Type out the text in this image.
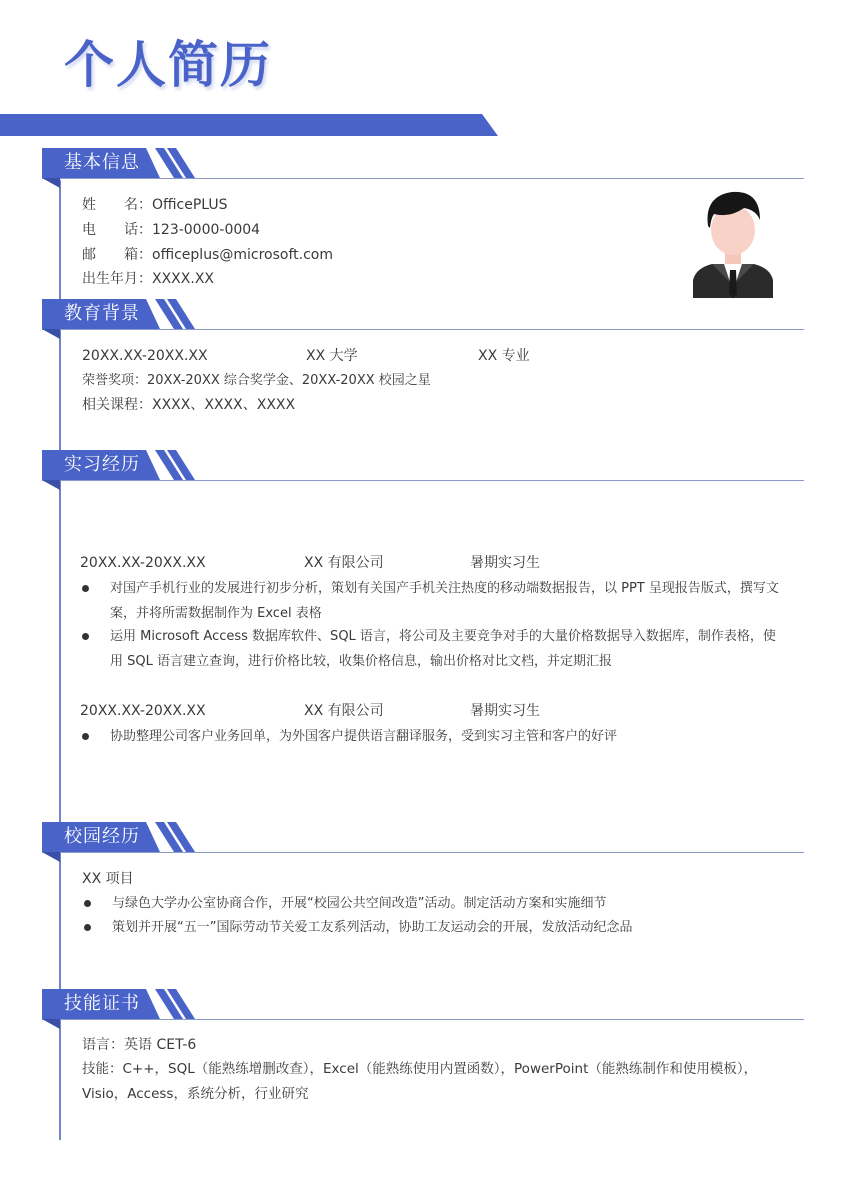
个人简历
基本信息
姓　　名：OfficePLUS
电　　话：123-0000-0004
邮　　箱：officeplus@microsoft.com
出生年月：XXXX.XX
教育背景
20XX.XX-20XX.XX	XX 大学	XX 专业
荣誉奖项：20XX-20XX 综合奖学金、20XX-20XX 校园之星
相关课程：XXXX、XXXX、XXXX
实习经历
20XX.XX-20XX.XX	XX 有限公司	暑期实习生
对国产手机行业的发展进行初步分析，策划有关国产手机关注热度的移动端数据报告，以 PPT 呈现报告版式，撰写文案，并将所需数据制作为 Excel 表格
运用 Microsoft Access 数据库软件、SQL 语言，将公司及主要竞争对手的大量价格数据导入数据库，制作表格，使用 SQL 语言建立查询，进行价格比较，收集价格信息，输出价格对比文档，并定期汇报
20XX.XX-20XX.XX	XX 有限公司	暑期实习生
协助整理公司客户业务回单，为外国客户提供语言翻译服务，受到实习主管和客户的好评
校园经历
XX 项目
与绿色大学办公室协商合作，开展“校园公共空间改造”活动。制定活动方案和实施细节
策划并开展“五一”国际劳动节关爱工友系列活动，协助工友运动会的开展，发放活动纪念品
技能证书
语言：英语 CET-6
技能：C++，SQL（能熟练增删改查），Excel（能熟练使用内置函数），PowerPoint（能熟练制作和使用模板），Visio，Access，系统分析，行业研究
